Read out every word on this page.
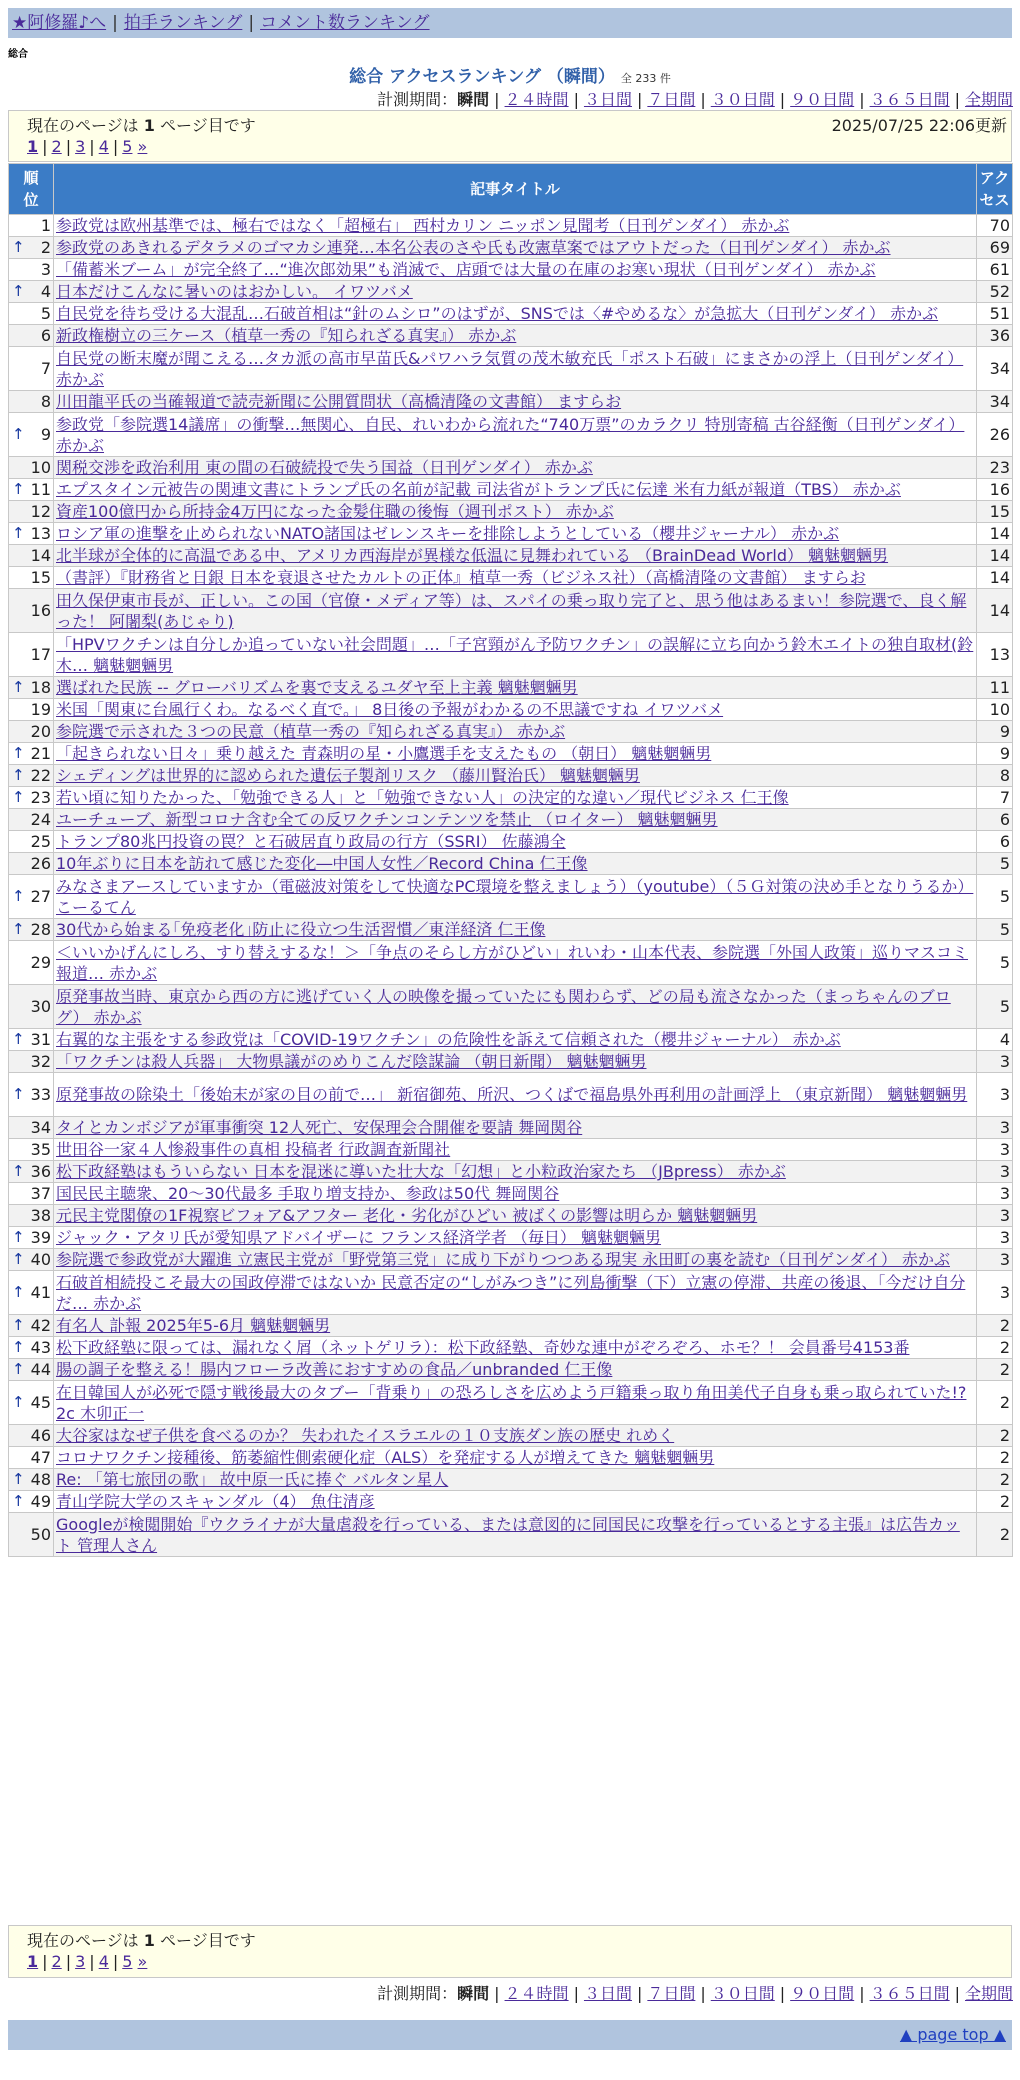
★阿修羅♪へ | 拍手ランキング | コメント数ランキング
総合
総合 アクセスランキング （瞬間） 全 233 件
計測期間：瞬間 | ２４時間 | ３日間 | ７日間 | ３０日間 | ９０日間 | ３６５日間 | 全期間
現在のページは 1 ページ目です	2025/07/25 22:06更新
1 | 2 | 3 | 4 | 5 »
順位	記事タイトル	アクセス
1	参政党は欧州基準では、極右ではなく「超極右」 西村カリン ニッポン見聞考（日刊ゲンダイ） 赤かぶ	70

↑ 2	参政党のあきれるデタラメのゴマカシ連発…本名公表のさや氏も改憲草案ではアウトだった（日刊ゲンダイ） 赤かぶ	69
3	「備蓄米ブーム」が完全終了…“進次郎効果”も消滅で、店頭では大量の在庫のお寒い現状（日刊ゲンダイ） 赤かぶ	61

↑ 4	日本だけこんなに暑いのはおかしい。 イワツバメ	52
5	自民党を待ち受ける大混乱…石破首相は“針のムシロ”のはずが、SNSでは〈#やめるな〉が急拡大（日刊ゲンダイ） 赤かぶ	51
6	新政権樹立の三ケース（植草一秀の『知られざる真実』） 赤かぶ	36
7	自民党の断末魔が聞こえる…タカ派の高市早苗氏&パワハラ気質の茂木敏充氏「ポスト石破」にまさかの浮上（日刊ゲンダイ） 赤かぶ	34
8	川田龍平氏の当確報道で読売新聞に公開質問状（高橋清隆の文書館） ますらお	34

↑ 9	参政党「参院選14議席」の衝撃…無関心、自民、れいわから流れた“740万票”のカラクリ 特別寄稿 古谷経衡（日刊ゲンダイ） 赤かぶ	26
10	関税交渉を政治利用 東の間の石破続投で失う国益（日刊ゲンダイ） 赤かぶ	23

↑ 11	エプスタイン元被告の関連文書にトランプ氏の名前が記載 司法省がトランプ氏に伝達 米有力紙が報道（TBS） 赤かぶ	16
12	資産100億円から所持金4万円になった金髪住職の後悔（週刊ポスト） 赤かぶ	15

↑ 13	ロシア軍の進撃を止められないNATO諸国はゼレンスキーを排除しようとしている（櫻井ジャーナル） 赤かぶ	14
14	北半球が全体的に高温である中、アメリカ西海岸が異様な低温に見舞われている （BrainDead World） 魑魅魍魎男	14
15	（書評）『財務省と日銀 日本を衰退させたカルトの正体』植草一秀（ビジネス社）（高橋清隆の文書館） ますらお	14
16	田久保伊東市長が、正しい。この国（官僚・メディア等）は、スパイの乗っ取り完了と、思う他はあるまい！参院選で、良く解った！ 阿闍梨(あじゃり)	14
17	「HPVワクチンは自分しか追っていない社会問題」…「子宮頸がん予防ワクチン」の誤解に立ち向かう鈴木エイトの独自取材(鈴木… 魑魅魍魎男	13

↑ 18	選ばれた民族 -- グローバリズムを裏で支えるユダヤ至上主義 魑魅魍魎男	11
19	米国「関東に台風行くわ。なるべく直で。」 8日後の予報がわかるの不思議ですね イワツバメ	10
20	参院選で示された３つの民意（植草一秀の『知られざる真実』） 赤かぶ	9

↑ 21	「起きられない日々」乗り越えた 青森明の星・小鷹選手を支えたもの （朝日） 魑魅魍魎男	9

↑ 22	シェディングは世界的に認められた遺伝子製剤リスク （藤川賢治氏） 魑魅魍魎男	8

↑ 23	若い頃に知りたかった、「勉強できる人」と「勉強できない人」の決定的な違い／現代ビジネス 仁王像	7
24	ユーチューブ、新型コロナ含む全ての反ワクチンコンテンツを禁止 （ロイター） 魑魅魍魎男	6
25	トランプ80兆円投資の罠？と石破居直り政局の行方（SSRI） 佐藤鴻全	6
26	10年ぶりに日本を訪れて感じた変化―中国人女性／Record China 仁王像	5

↑ 27	みなさまアースしていますか（電磁波対策をして快適なPC環境を整えましょう）（youtube）（５Ｇ対策の決め手となりうるか） こーるてん	5

↑ 28	30代から始まる｢免疫老化｣防止に役立つ生活習慣／東洋経済 仁王像	5
29	＜いいかげんにしろ、すり替えするな！＞「争点のそらし方がひどい」れいわ・山本代表、参院選「外国人政策」巡りマスコミ報道… 赤かぶ	5
30	原発事故当時、東京から西の方に逃げていく人の映像を撮っていたにも関わらず、どの局も流さなかった（まっちゃんのブログ） 赤かぶ	5

↑ 31	右翼的な主張をする参政党は「COVID-19ワクチン」の危険性を訴えて信頼された（櫻井ジャーナル） 赤かぶ	4
32	「ワクチンは殺人兵器」 大物県議がのめりこんだ陰謀論 （朝日新聞） 魑魅魍魎男	3

↑ 33	原発事故の除染土「後始末が家の目の前で…」 新宿御苑、所沢、つくばで福島県外再利用の計画浮上 （東京新聞） 魑魅魍魎男	3
34	タイとカンボジアが軍事衝突 12人死亡、安保理会合開催を要請 舞岡関谷	3
35	世田谷一家４人惨殺事件の真相 投稿者 行政調査新聞社	3

↑ 36	松下政経塾はもういらない 日本を混迷に導いた壮大な「幻想」と小粒政治家たち （JBpress） 赤かぶ	3
37	国民民主聴衆、20～30代最多 手取り増支持か、参政は50代 舞岡関谷	3
38	元民主党閣僚の1F視察ビフォア&アフター 老化・劣化がひどい 被ばくの影響は明らか 魑魅魍魎男	3

↑ 39	ジャック・アタリ氏が愛知県アドバイザーに フランス経済学者 （毎日） 魑魅魍魎男	3

↑ 40	参院選で参政党が大躍進 立憲民主党が「野党第三党」に成り下がりつつある現実 永田町の裏を読む（日刊ゲンダイ） 赤かぶ	3

↑ 41	石破首相続投こそ最大の国政停滞ではないか 民意否定の“しがみつき”に列島衝撃（下）立憲の停滞、共産の後退、「今だけ自分だ… 赤かぶ	3

↑ 42	有名人 訃報 2025年5-6月 魑魅魍魎男	2

↑ 43	松下政経塾に限っては、漏れなく屑（ネットゲリラ）：松下政経塾、奇妙な連中がぞろぞろ、ホモ？！ 会員番号4153番	2

↑ 44	腸の調子を整える！腸内フローラ改善におすすめの食品／unbranded 仁王像	2

↑ 45	在日韓国人が必死で隠す戦後最大のタブー「背乗り」の恐ろしさを広めよう戸籍乗っ取り角田美代子自身も乗っ取られていた!? 2c 木卯正一	2
46	大谷家はなぜ子供を食べるのか？ 失われたイスラエルの１０支族ダン族の歴史 れめく	2
47	コロナワクチン接種後、筋萎縮性側索硬化症（ALS）を発症する人が増えてきた 魑魅魍魎男	2

↑ 48	Re: 「第七旅団の歌」 故中原一氏に捧ぐ バルタン星人	2

↑ 49	青山学院大学のスキャンダル（4） 魚住清彦	2
50	Googleが検閲開始『ウクライナが大量虐殺を行っている、または意図的に同国民に攻撃を行っているとする主張』は広告カット 管理人さん	2
現在のページは 1 ページ目です
1 | 2 | 3 | 4 | 5 »
計測期間：瞬間 | ２４時間 | ３日間 | ７日間 | ３０日間 | ９０日間 | ３６５日間 | 全期間
▲ page top ▲
